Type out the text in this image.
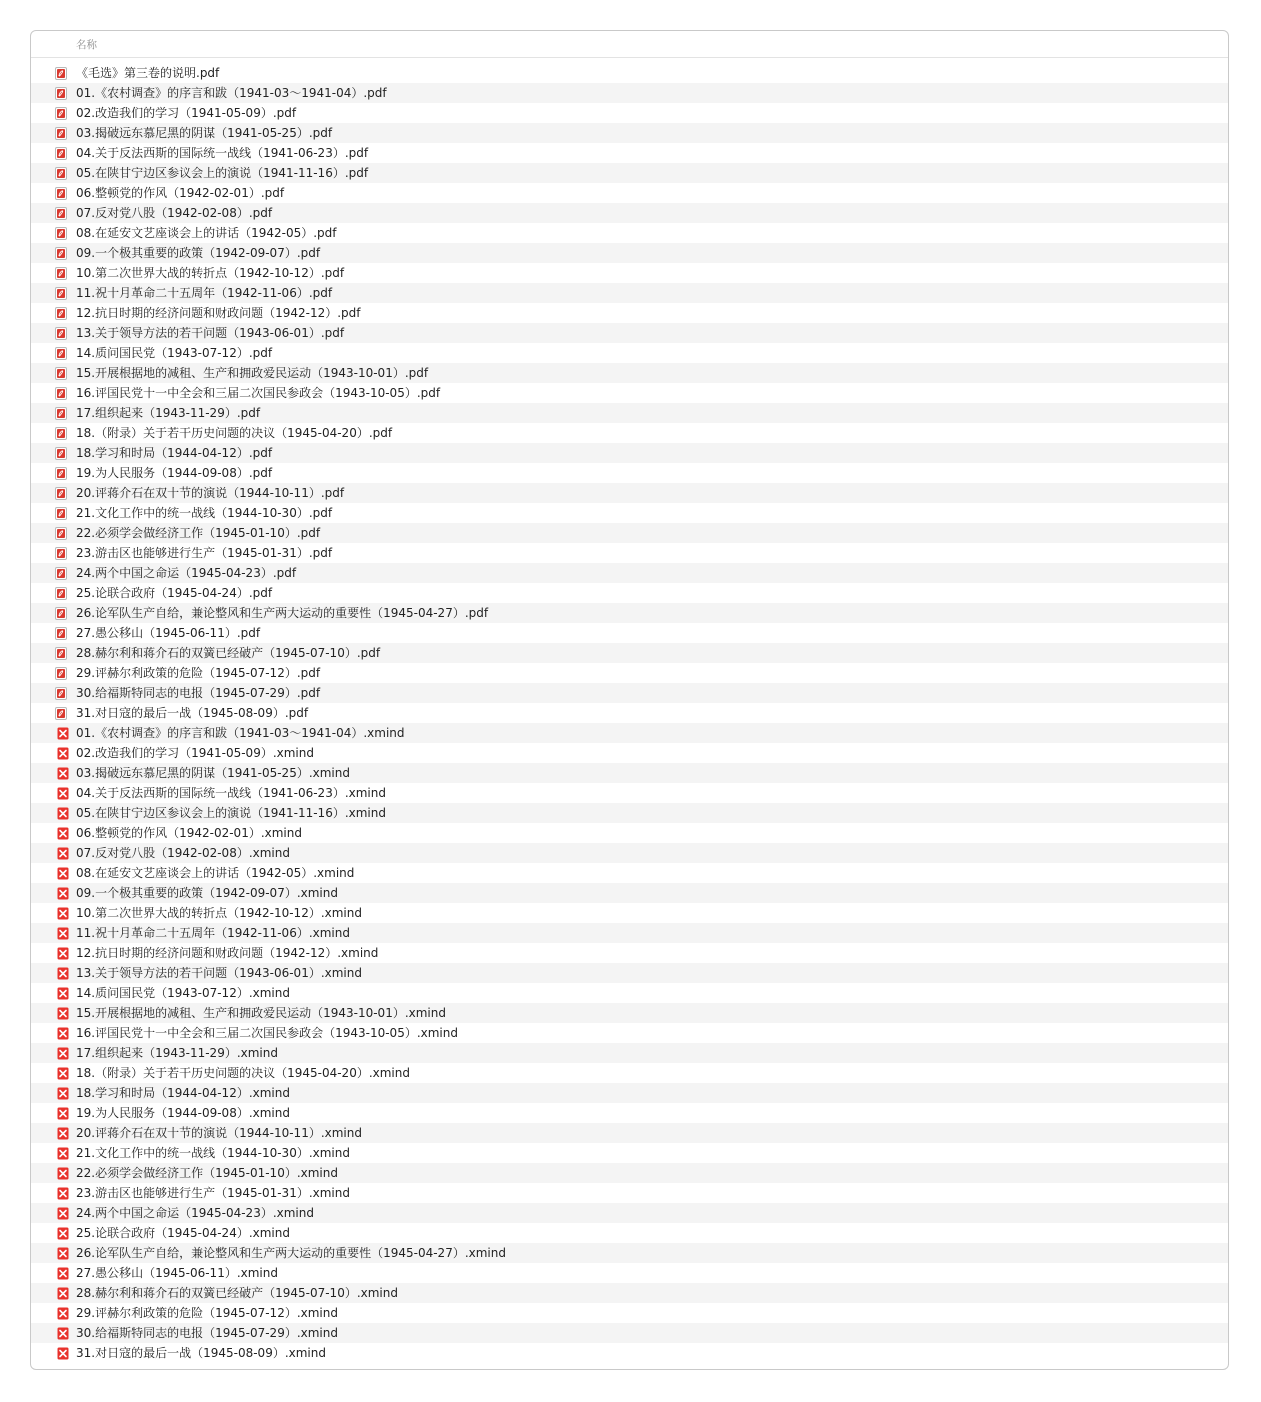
名称
《毛选》第三卷的说明.pdf
01.《农村调查》的序言和跋（1941-03～1941-04）.pdf
02.改造我们的学习（1941-05-09）.pdf
03.揭破远东慕尼黑的阴谋（1941-05-25）.pdf
04.关于反法西斯的国际统一战线（1941-06-23）.pdf
05.在陕甘宁边区参议会上的演说（1941-11-16）.pdf
06.整顿党的作风（1942-02-01）.pdf
07.反对党八股（1942-02-08）.pdf
08.在延安文艺座谈会上的讲话（1942-05）.pdf
09.一个极其重要的政策（1942-09-07）.pdf
10.第二次世界大战的转折点（1942-10-12）.pdf
11.祝十月革命二十五周年（1942-11-06）.pdf
12.抗日时期的经济问题和财政问题（1942-12）.pdf
13.关于领导方法的若干问题（1943-06-01）.pdf
14.质问国民党（1943-07-12）.pdf
15.开展根据地的减租、生产和拥政爱民运动（1943-10-01）.pdf
16.评国民党十一中全会和三届二次国民参政会（1943-10-05）.pdf
17.组织起来（1943-11-29）.pdf
18.（附录）关于若干历史问题的决议（1945-04-20）.pdf
18.学习和时局（1944-04-12）.pdf
19.为人民服务（1944-09-08）.pdf
20.评蒋介石在双十节的演说（1944-10-11）.pdf
21.文化工作中的统一战线（1944-10-30）.pdf
22.必须学会做经济工作（1945-01-10）.pdf
23.游击区也能够进行生产（1945-01-31）.pdf
24.两个中国之命运（1945-04-23）.pdf
25.论联合政府（1945-04-24）.pdf
26.论军队生产自给，兼论整风和生产两大运动的重要性（1945-04-27）.pdf
27.愚公移山（1945-06-11）.pdf
28.赫尔利和蒋介石的双簧已经破产（1945-07-10）.pdf
29.评赫尔利政策的危险（1945-07-12）.pdf
30.给福斯特同志的电报（1945-07-29）.pdf
31.对日寇的最后一战（1945-08-09）.pdf
01.《农村调查》的序言和跋（1941-03～1941-04）.xmind
02.改造我们的学习（1941-05-09）.xmind
03.揭破远东慕尼黑的阴谋（1941-05-25）.xmind
04.关于反法西斯的国际统一战线（1941-06-23）.xmind
05.在陕甘宁边区参议会上的演说（1941-11-16）.xmind
06.整顿党的作风（1942-02-01）.xmind
07.反对党八股（1942-02-08）.xmind
08.在延安文艺座谈会上的讲话（1942-05）.xmind
09.一个极其重要的政策（1942-09-07）.xmind
10.第二次世界大战的转折点（1942-10-12）.xmind
11.祝十月革命二十五周年（1942-11-06）.xmind
12.抗日时期的经济问题和财政问题（1942-12）.xmind
13.关于领导方法的若干问题（1943-06-01）.xmind
14.质问国民党（1943-07-12）.xmind
15.开展根据地的减租、生产和拥政爱民运动（1943-10-01）.xmind
16.评国民党十一中全会和三届二次国民参政会（1943-10-05）.xmind
17.组织起来（1943-11-29）.xmind
18.（附录）关于若干历史问题的决议（1945-04-20）.xmind
18.学习和时局（1944-04-12）.xmind
19.为人民服务（1944-09-08）.xmind
20.评蒋介石在双十节的演说（1944-10-11）.xmind
21.文化工作中的统一战线（1944-10-30）.xmind
22.必须学会做经济工作（1945-01-10）.xmind
23.游击区也能够进行生产（1945-01-31）.xmind
24.两个中国之命运（1945-04-23）.xmind
25.论联合政府（1945-04-24）.xmind
26.论军队生产自给，兼论整风和生产两大运动的重要性（1945-04-27）.xmind
27.愚公移山（1945-06-11）.xmind
28.赫尔利和蒋介石的双簧已经破产（1945-07-10）.xmind
29.评赫尔利政策的危险（1945-07-12）.xmind
30.给福斯特同志的电报（1945-07-29）.xmind
31.对日寇的最后一战（1945-08-09）.xmind
